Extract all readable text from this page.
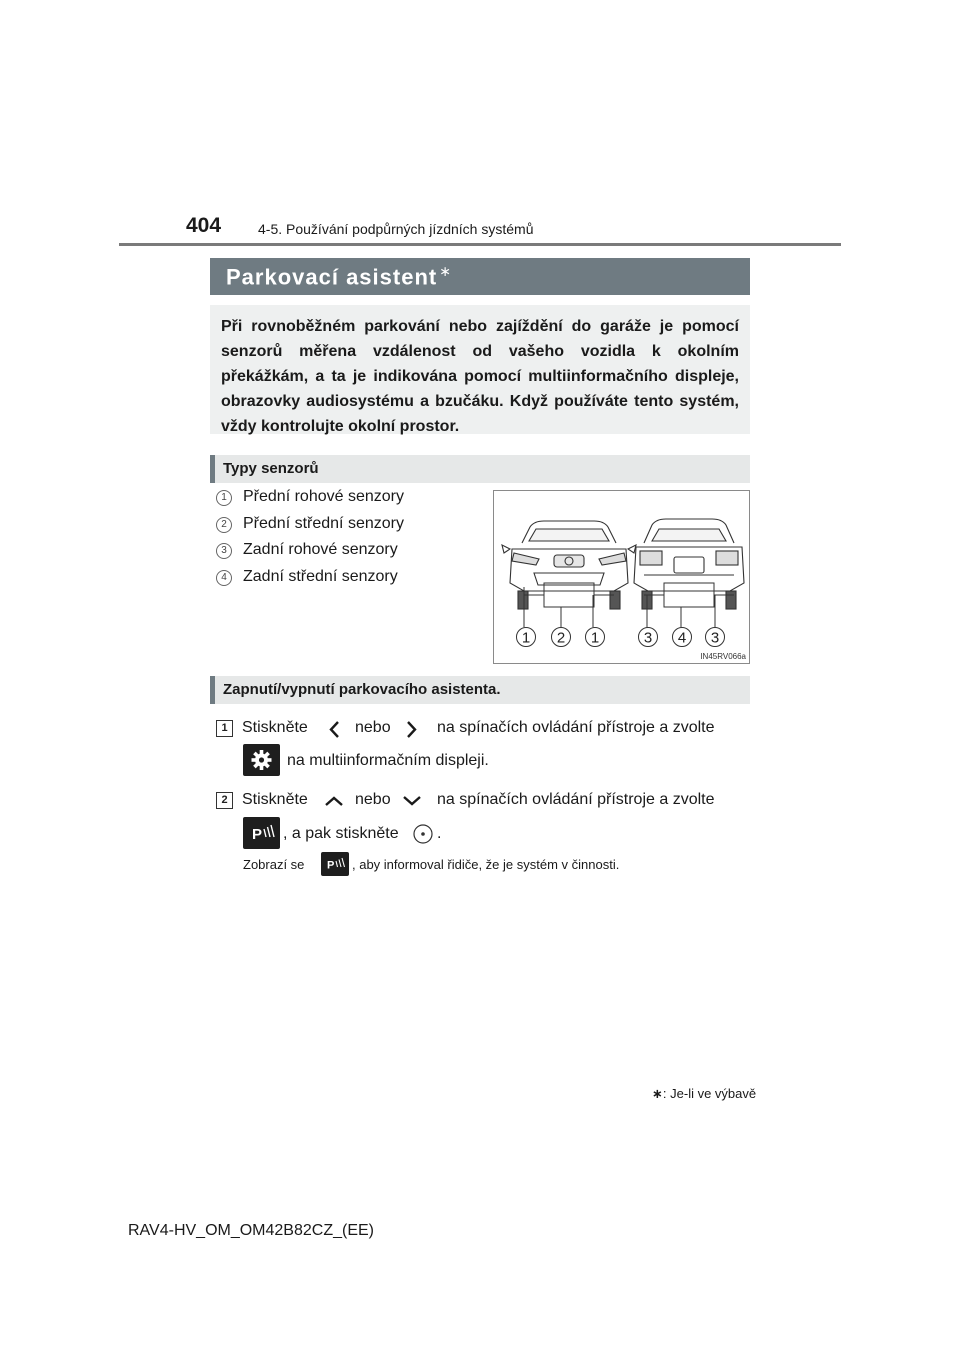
404	4-5. Používání podpůrných jízdních systémů
Parkovací asistent ∗

Při rovnoběžném parkování nebo zajíždění do garáže je pomocí senzorů měřena vzdálenost od vašeho vozidla k okolním překážkám, a ta je indikována pomocí multiinformačního displeje, obrazovky audiosystému a bzučáku. Když používáte tento systém, vždy kontrolujte okolní prostor.

Typy senzorů
1	Přední rohové senzory
2	Přední střední senzory
3	Zadní rohové senzory
4	Zadní střední senzory
1 2 1	3 4 3
IN45RV066a
Zapnutí/vypnutí parkovacího asistenta.
1 Stiskněte	nebo	na spínačích ovládání přístroje a zvolte
na multiinformačním displeji.
2 Stiskněte	nebo	na spínačích ovládání přístroje a zvolte
P , a pak stiskněte .
Zobrazí se P , aby informoval řidiče, že je systém v činnosti.
∗: Je-li ve výbavě
RAV4-HV_OM_OM42B82CZ_(EE)
